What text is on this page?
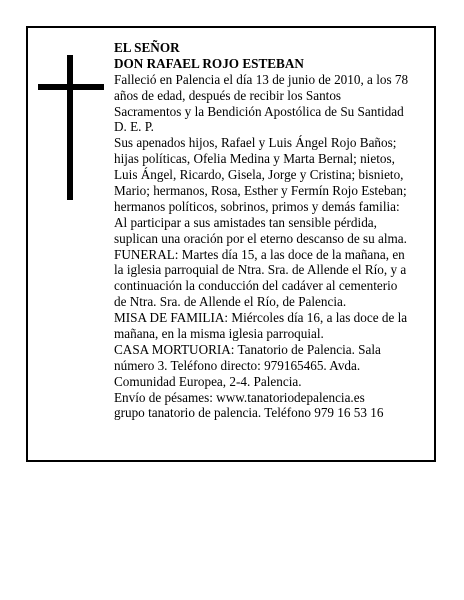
EL SEÑOR
DON RAFAEL ROJO ESTEBAN
Falleció en Palencia el día 13 de junio de 2010, a los 78
años de edad, después de recibir los Santos
Sacramentos y la Bendición Apostólica de Su Santidad
D. E. P.
Sus apenados hijos, Rafael y Luis Ángel Rojo Baños;
hijas políticas, Ofelia Medina y Marta Bernal; nietos,
Luis Ángel, Ricardo, Gisela, Jorge y Cristina; bisnieto,
Mario; hermanos, Rosa, Esther y Fermín Rojo Esteban;
hermanos políticos, sobrinos, primos y demás familia:
Al participar a sus amistades tan sensible pérdida,
suplican una oración por el eterno descanso de su alma.
FUNERAL: Martes día 15, a las doce de la mañana, en
la iglesia parroquial de Ntra. Sra. de Allende el Río, y a
continuación la conducción del cadáver al cementerio
de Ntra. Sra. de Allende el Río, de Palencia.
MISA DE FAMILIA: Miércoles día 16, a las doce de la
mañana, en la misma iglesia parroquial.
CASA MORTUORIA: Tanatorio de Palencia. Sala
número 3. Teléfono directo: 979165465. Avda.
Comunidad Europea, 2-4. Palencia.
Envío de pésames: www.tanatoriodepalencia.es
grupo tanatorio de palencia. Teléfono 979 16 53 16
